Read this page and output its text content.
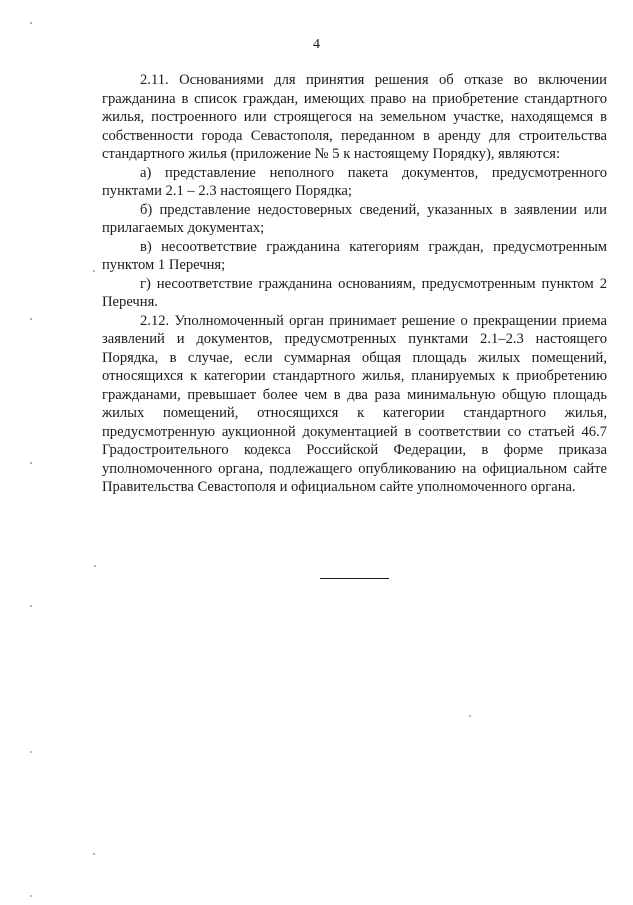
4

2.11. Основаниями для принятия решения об отказе во включении гражданина в список граждан, имеющих право на приобретение стандартного жилья, построенного или строящегося на земельном участке, находящемся в собственности города Севастополя, переданном в аренду для строительства стандартного жилья (приложение № 5 к настоящему Порядку), являются:

а) представление неполного пакета документов, предусмотренного пунктами 2.1 – 2.3 настоящего Порядка;

б) представление недостоверных сведений, указанных в заявлении или прилагаемых документах;

в) несоответствие гражданина категориям граждан, предусмотренным пунктом 1 Перечня;

г) несоответствие гражданина основаниям, предусмотренным пунктом 2 Перечня.

2.12. Уполномоченный орган принимает решение о прекращении приема заявлений и документов, предусмотренных пунктами 2.1–2.3 настоящего Порядка, в случае, если суммарная общая площадь жилых помещений, относящихся к категории стандартного жилья, планируемых к приобретению гражданами, превышает более чем в два раза минимальную общую площадь жилых помещений, относящихся к категории стандартного жилья, предусмотренную аукционной документацией в соответствии со статьей 46.7 Градостроительного кодекса Российской Федерации, в форме приказа уполномоченного органа, подлежащего опубликованию на официальном сайте Правительства Севастополя и официальном сайте уполномоченного органа.
